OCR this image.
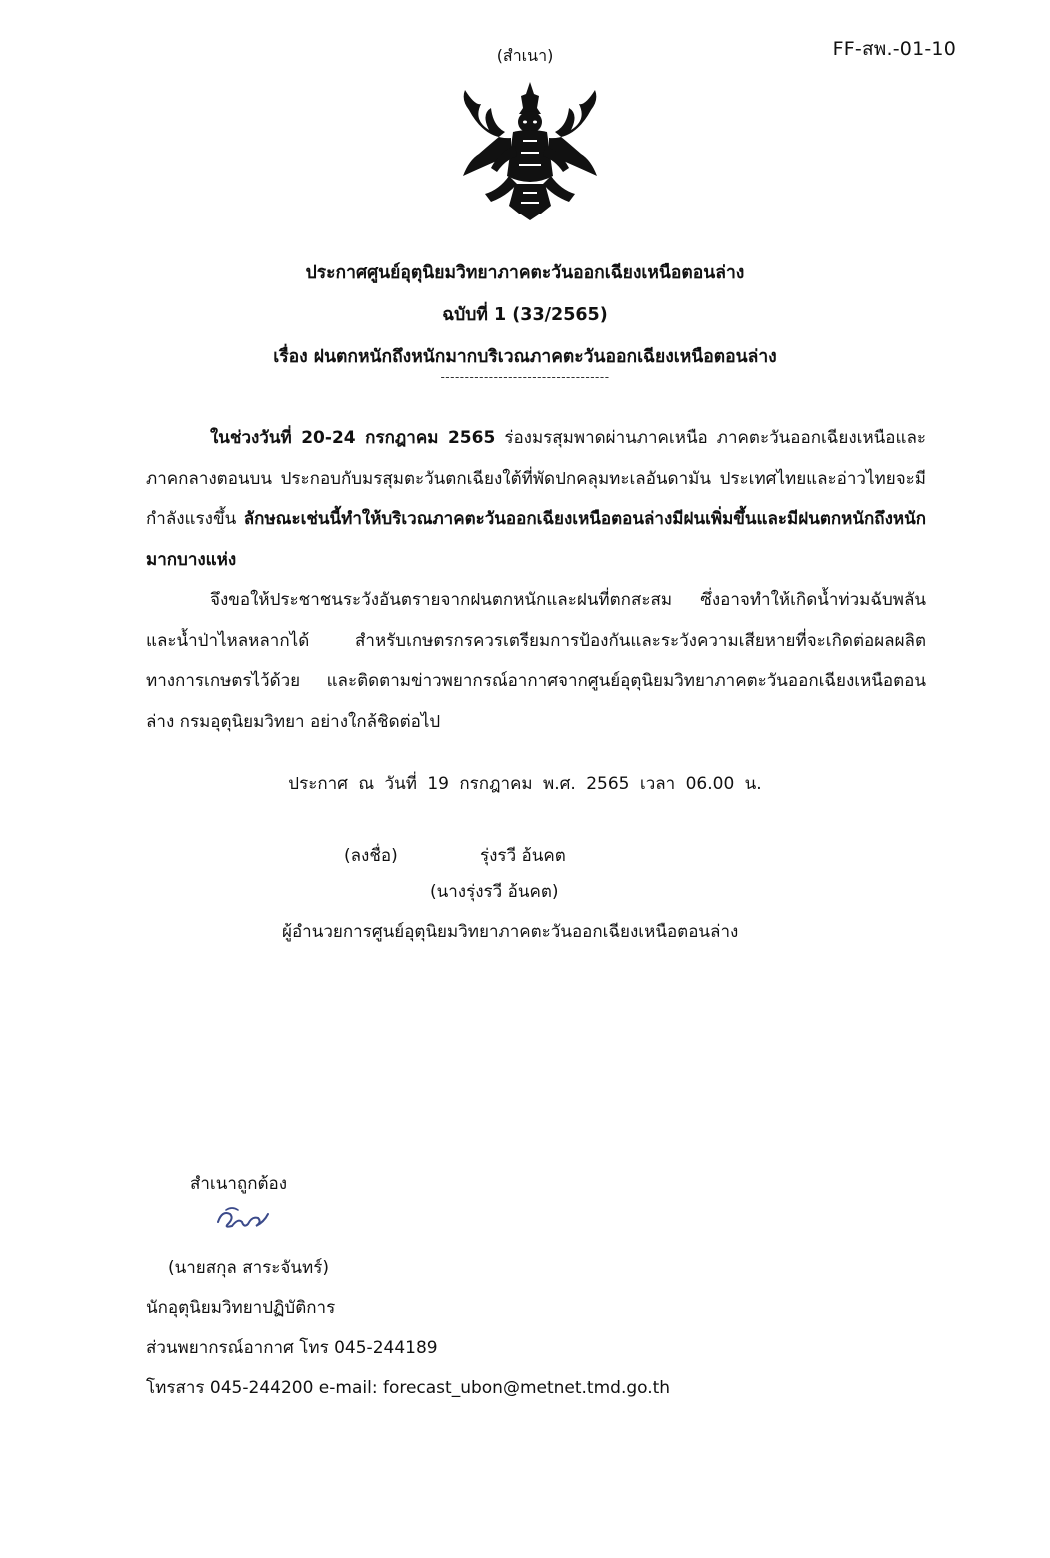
FF-สพ.-01-10
(สำเนา)
ประกาศศูนย์อุตุนิยมวิทยาภาคตะวันออกเฉียงเหนือตอนล่าง
ฉบับที่ 1 (33/2565)
เรื่อง ฝนตกหนักถึงหนักมากบริเวณภาคตะวันออกเฉียงเหนือตอนล่าง
-----------------------------------

ในช่วงวันที่ 20-24 กรกฎาคม 2565 ร่องมรสุมพาดผ่านภาคเหนือ ภาคตะวันออกเฉียงเหนือและภาคกลางตอนบน ประกอบกับมรสุมตะวันตกเฉียงใต้ที่พัดปกคลุมทะเลอันดามัน ประเทศไทยและอ่าวไทยจะมีกำลังแรงขึ้น ลักษณะเช่นนี้ทำให้บริเวณภาคตะวันออกเฉียงเหนือตอนล่างมีฝนเพิ่มขึ้นและมีฝนตกหนักถึงหนักมากบางแห่ง

จึงขอให้ประชาชนระวังอันตรายจากฝนตกหนักและฝนที่ตกสะสม ซึ่งอาจทำให้เกิดน้ำท่วมฉับพลันและน้ำป่าไหลหลากได้ สำหรับเกษตรกรควรเตรียมการป้องกันและระวังความเสียหายที่จะเกิดต่อผลผลิตทางการเกษตรไว้ด้วย และติดตามข่าวพยากรณ์อากาศจากศูนย์อุตุนิยมวิทยาภาคตะวันออกเฉียงเหนือตอนล่าง กรมอุตุนิยมวิทยา อย่างใกล้ชิดต่อไป

ประกาศ ณ วันที่ 19 กรกฎาคม พ.ศ. 2565 เวลา 06.00 น.
(ลงชื่อ)	รุ่งรวี อ้นคต
(นางรุ่งรวี อ้นคต)
ผู้อำนวยการศูนย์อุตุนิยมวิทยาภาคตะวันออกเฉียงเหนือตอนล่าง
สำเนาถูกต้อง
(นายสกุล สาระจันทร์)
นักอุตุนิยมวิทยาปฏิบัติการ
ส่วนพยากรณ์อากาศ โทร 045-244189
โทรสาร 045-244200 e-mail: forecast_ubon@metnet.tmd.go.th
